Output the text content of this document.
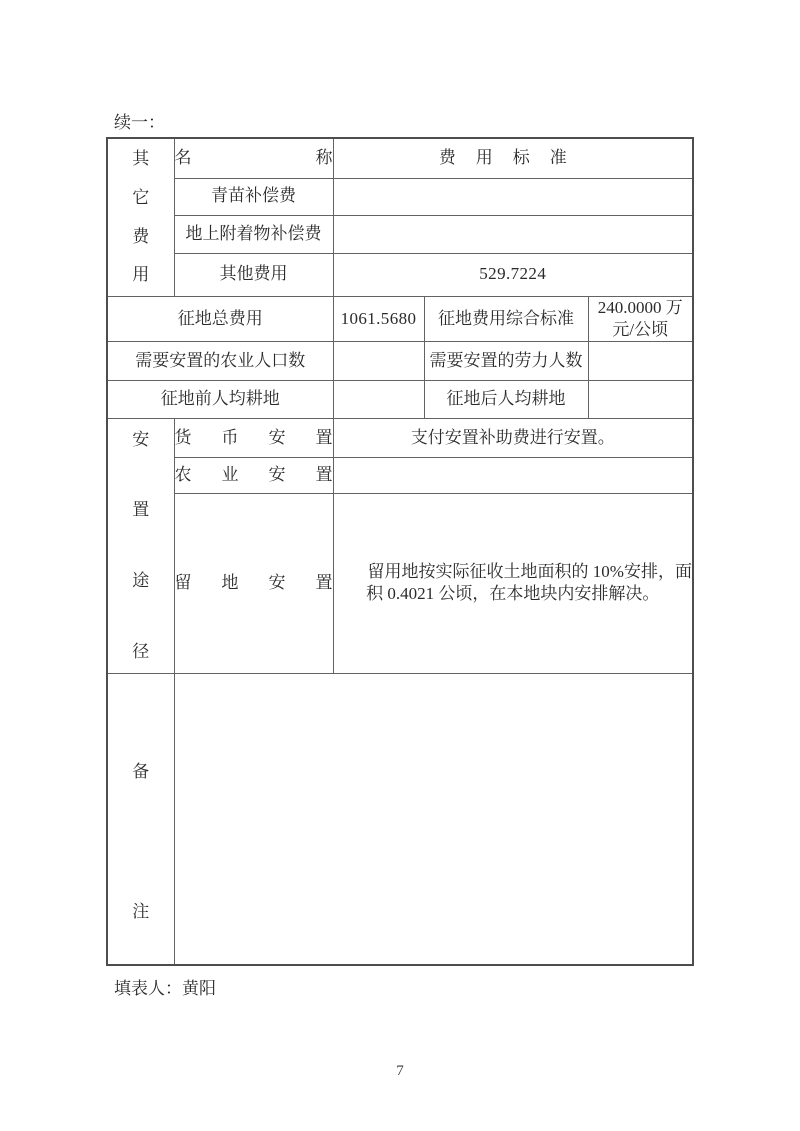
续一：
其
它
费
用	名称	费用标准		
	青苗补偿费			
	地上附着物补偿费			
	其他费用	529.7224		
征地总费用		1061.5680	征地费用综合标准	240.0000 万元/公顷
需要安置的农业人口数			需要安置的劳力人数	
征地前人均耕地			征地后人均耕地	

安
置
途
径	货币安置	支付安置补助费进行安置。		
	农业安置			
	留地安置	留用地按实际征收土地面积的 10%安排，面积 0.4021 公顷，在本地块内安排解决。		

备
注				

填表人：黄阳
7
